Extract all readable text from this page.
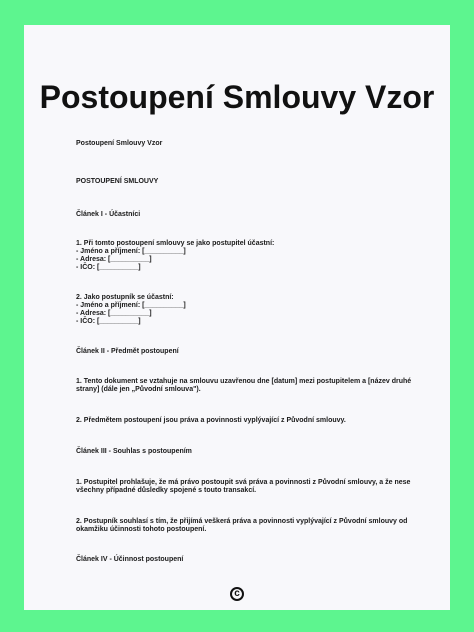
Postoupení Smlouvy Vzor

Postoupení Smlouvy Vzor

POSTOUPENÍ SMLOUVY

Článek I - Účastníci

1. Při tomto postoupení smlouvy se jako postupitel účastní:

- Jméno a příjmení: [__________]

- Adresa: [__________]

- IČO: [__________]

2. Jako postupník se účastní:

- Jméno a příjmení: [__________]

- Adresa: [__________]

- IČO: [__________]

Článek II - Předmět postoupení

1. Tento dokument se vztahuje na smlouvu uzavřenou dne [datum] mezi postupitelem a [název druhé

strany] (dále jen „Původní smlouva").

2. Předmětem postoupení jsou práva a povinnosti vyplývající z Původní smlouvy.

Článek III - Souhlas s postoupením

1. Postupitel prohlašuje, že má právo postoupit svá práva a povinnosti z Původní smlouvy, a že nese

všechny případné důsledky spojené s touto transakcí.

2. Postupník souhlasí s tím, že přijímá veškerá práva a povinnosti vyplývající z Původní smlouvy od

okamžiku účinnosti tohoto postoupení.

Článek IV - Účinnost postoupení

c
